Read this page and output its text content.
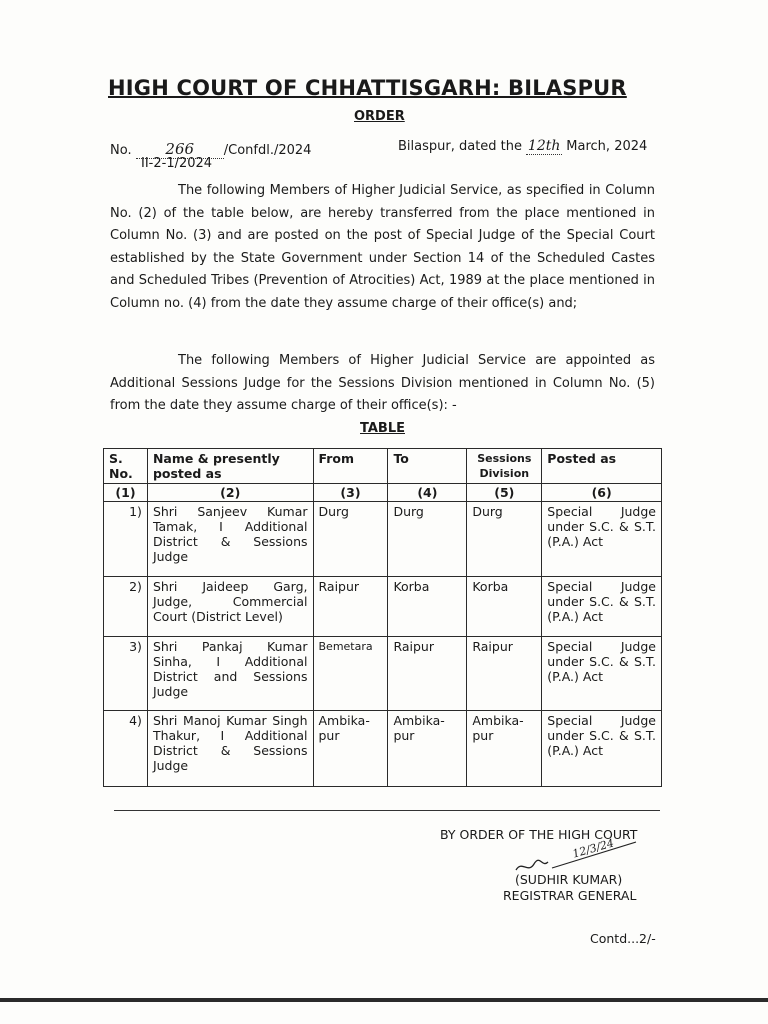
HIGH COURT OF CHHATTISGARH: BILASPUR
ORDER
No. 266 /Confdl./2024
II-2-1/2024
Bilaspur, dated the 12th March, 2024
The following Members of Higher Judicial Service, as specified in Column No. (2) of the table below, are hereby transferred from the place mentioned in Column No. (3) and are posted on the post of Special Judge of the Special Court established by the State Government under Section 14 of the Scheduled Castes and Scheduled Tribes (Prevention of Atrocities) Act, 1989 at the place mentioned in Column no. (4) from the date they assume charge of their office(s) and;
The following Members of Higher Judicial Service are appointed as Additional Sessions Judge for the Sessions Division mentioned in Column No. (5) from the date they assume charge of their office(s): -
TABLE
S. No.	Name & presently posted as	From	To	Sessions Division	Posted as
(1)	(2)	(3)	(4)	(5)	(6)
1)	Shri Sanjeev Kumar Tamak, I Additional District & Sessions Judge	Durg	Durg	Durg	Special Judge under S.C. & S.T. (P.A.) Act
2)	Shri Jaideep Garg, Judge, Commercial Court (District Level)	Raipur	Korba	Korba	Special Judge under S.C. & S.T. (P.A.) Act
3)	Shri Pankaj Kumar Sinha, I Additional District and Sessions Judge	Bemetara	Raipur	Raipur	Special Judge under S.C. & S.T. (P.A.) Act
4)	Shri Manoj Kumar Singh Thakur, I Additional District & Sessions Judge	Ambika-pur	Ambika-pur	Ambika-pur	Special Judge under S.C. & S.T. (P.A.) Act
BY ORDER OF THE HIGH COURT
12/3/24
(SUDHIR KUMAR)
REGISTRAR GENERAL
Contd...2/-
